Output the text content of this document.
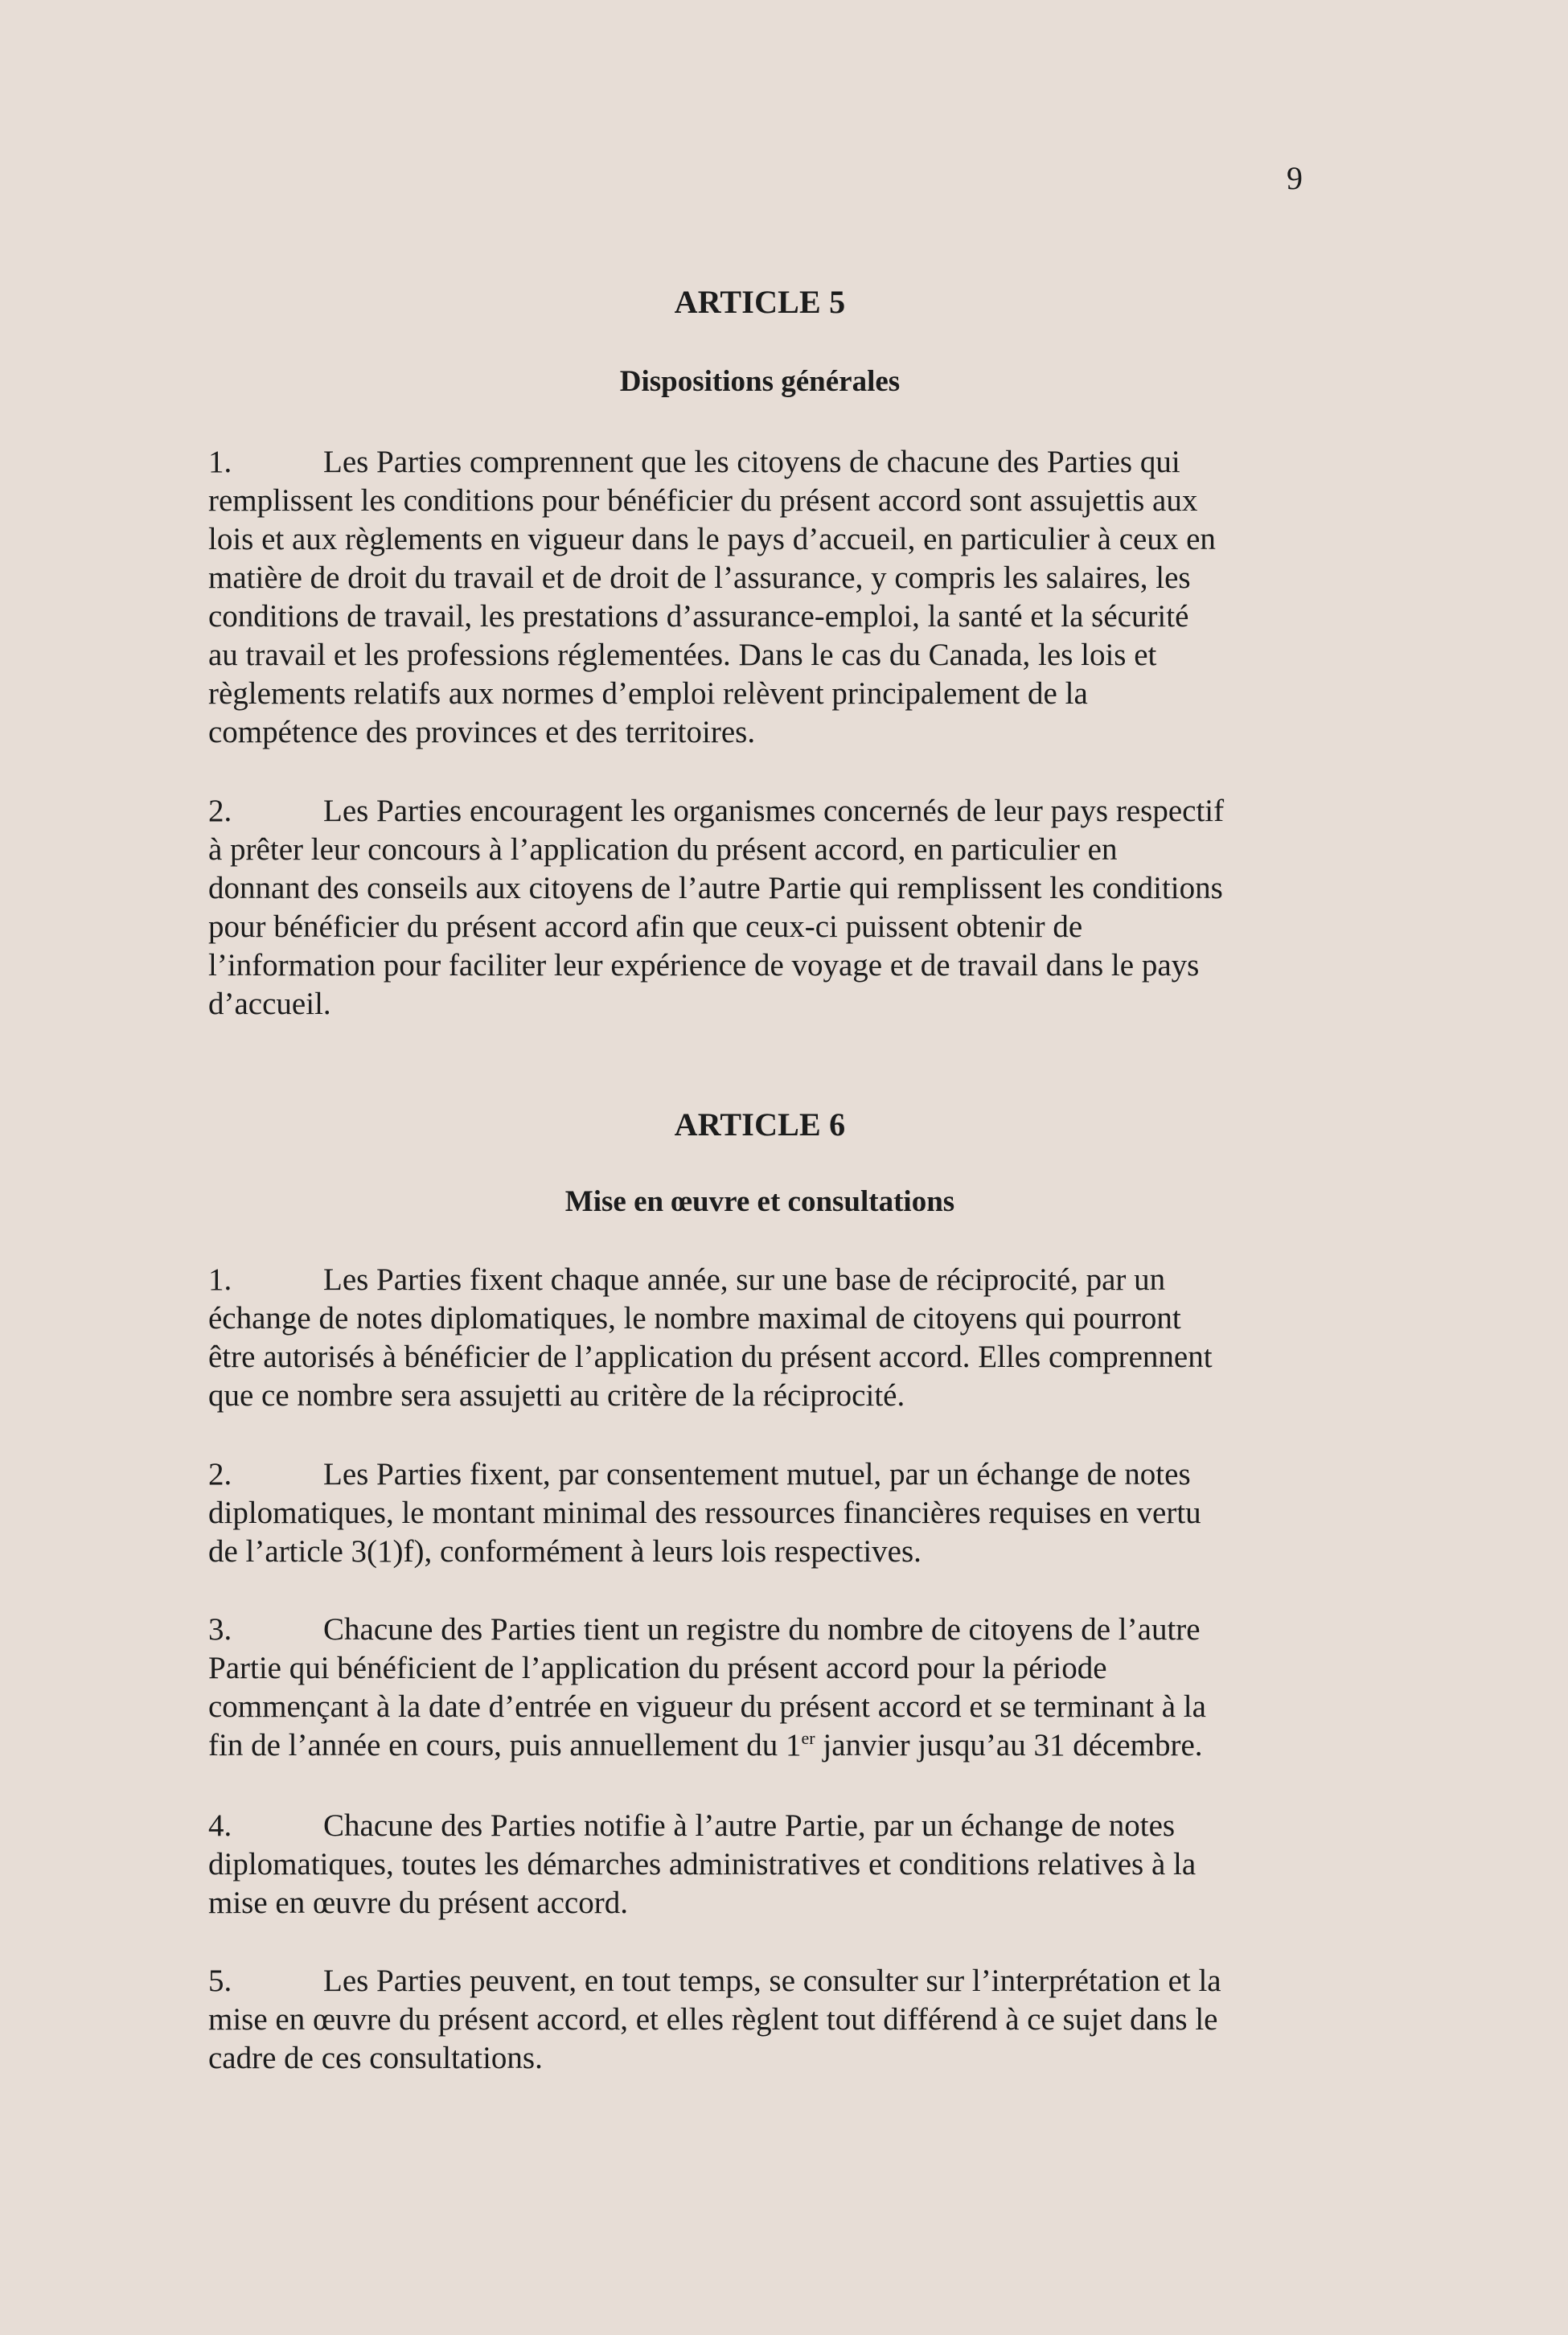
9
ARTICLE 5
Dispositions générales

1.	Les Parties comprennent que les citoyens de chacune des Parties qui
remplissent les conditions pour bénéficier du présent accord sont assujettis aux
lois et aux règlements en vigueur dans le pays d’accueil, en particulier à ceux en
matière de droit du travail et de droit de l’assurance, y compris les salaires, les
conditions de travail, les prestations d’assurance-emploi, la santé et la sécurité
au travail et les professions réglementées. Dans le cas du Canada, les lois et
règlements relatifs aux normes d’emploi relèvent principalement de la
compétence des provinces et des territoires.

2.	Les Parties encouragent les organismes concernés de leur pays respectif
à prêter leur concours à l’application du présent accord, en particulier en
donnant des conseils aux citoyens de l’autre Partie qui remplissent les conditions
pour bénéficier du présent accord afin que ceux-ci puissent obtenir de
l’information pour faciliter leur expérience de voyage et de travail dans le pays
d’accueil.

ARTICLE 6
Mise en œuvre et consultations

1.	Les Parties fixent chaque année, sur une base de réciprocité, par un
échange de notes diplomatiques, le nombre maximal de citoyens qui pourront
être autorisés à bénéficier de l’application du présent accord. Elles comprennent
que ce nombre sera assujetti au critère de la réciprocité.

2.	Les Parties fixent, par consentement mutuel, par un échange de notes
diplomatiques, le montant minimal des ressources financières requises en vertu
de l’article 3(1)f), conformément à leurs lois respectives.

3.	Chacune des Parties tient un registre du nombre de citoyens de l’autre
Partie qui bénéficient de l’application du présent accord pour la période
commençant à la date d’entrée en vigueur du présent accord et se terminant à la
fin de l’année en cours, puis annuellement du 1er janvier jusqu’au 31 décembre.

4.	Chacune des Parties notifie à l’autre Partie, par un échange de notes
diplomatiques, toutes les démarches administratives et conditions relatives à la
mise en œuvre du présent accord.

5.	Les Parties peuvent, en tout temps, se consulter sur l’interprétation et la
mise en œuvre du présent accord, et elles règlent tout différend à ce sujet dans le
cadre de ces consultations.
